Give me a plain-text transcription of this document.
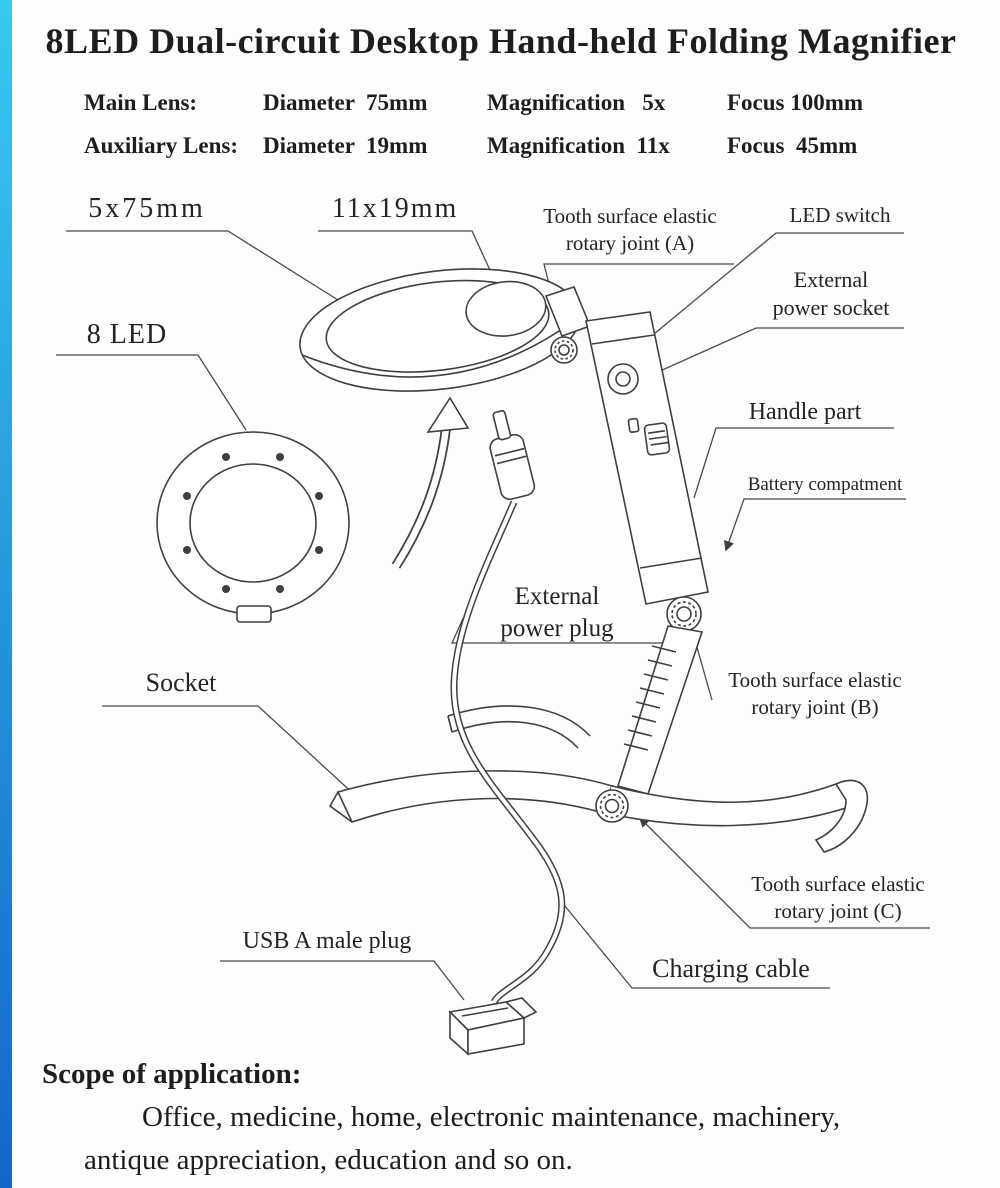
8LED Dual-circuit Desktop Hand-held Folding Magnifier
Main Lens:	Diameter  75mm	Magnification   5x	Focus 100mm
Auxiliary Lens: Diameter  19mm	Magnification  11x Focus  45mm
5x75mm	11x19mm	Tooth surface elastic
rotary joint (A)
LED switch
External
power socket
8 LED
Handle part
Battery compatment
External
power plug
Tooth surface elastic
rotary joint (B)
Socket
Tooth surface elastic
rotary joint (C)
USB A male plug
Charging cable
Scope of application:
Office, medicine, home, electronic maintenance, machinery,
antique appreciation, education and so on.
